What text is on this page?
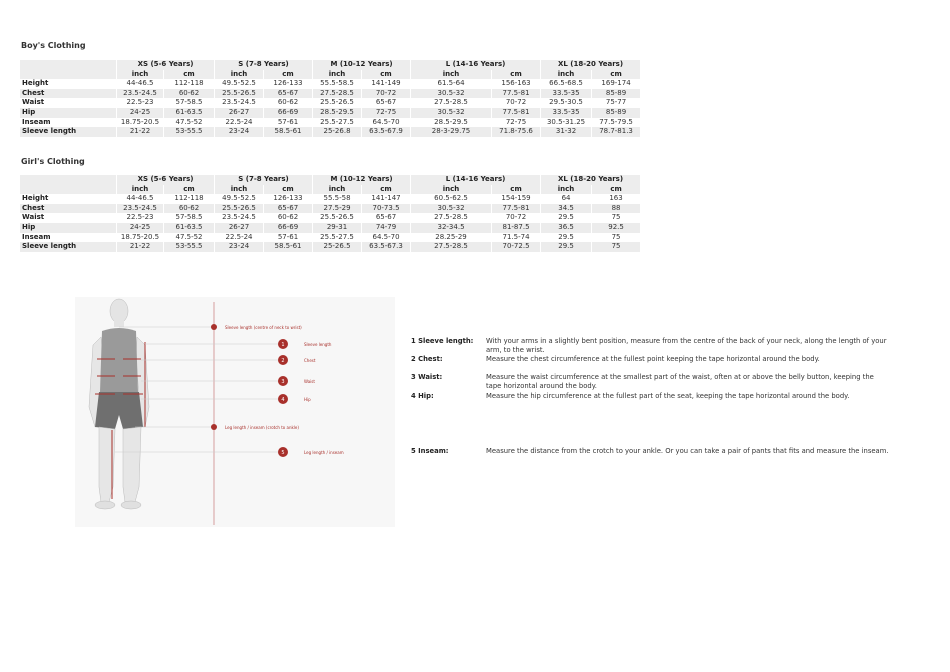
Boy's Clothing
	XS (5-6 Years)		S (7-8 Years)		M (10-12 Years)		L (14-16 Years)		XL (18-20 Years)	
	inch	cm	inch	cm	inch	cm	inch	cm	inch	cm
Height	44-46.5	112-118	49.5-52.5	126-133	55.5-58.5	141-149	61.5-64	156-163	66.5-68.5	169-174
Chest	23.5-24.5	60-62	25.5-26.5	65-67	27.5-28.5	70-72	30.5-32	77.5-81	33.5-35	85-89
Waist	22.5-23	57-58.5	23.5-24.5	60-62	25.5-26.5	65-67	27.5-28.5	70-72	29.5-30.5	75-77
Hip	24-25	61-63.5	26-27	66-69	28.5-29.5	72-75	30.5-32	77.5-81	33.5-35	85-89
Inseam	18.75-20.5	47.5-52	22.5-24	57-61	25.5-27.5	64.5-70	28.5-29.5	72-75	30.5-31.25	77.5-79.5
Sleeve length	21-22	53-55.5	23-24	58.5-61	25-26.8	63.5-67.9	28-3-29.75	71.8-75.6	31-32	78.7-81.3
Girl's Clothing
	XS (5-6 Years)		S (7-8 Years)		M (10-12 Years)		L (14-16 Years)		XL (18-20 Years)	
	inch	cm	inch	cm	inch	cm	inch	cm	inch	cm
Height	44-46.5	112-118	49.5-52.5	126-133	55.5-58	141-147	60.5-62.5	154-159	64	163
Chest	23.5-24.5	60-62	25.5-26.5	65-67	27.5-29	70-73.5	30.5-32	77.5-81	34.5	88
Waist	22.5-23	57-58.5	23.5-24.5	60-62	25.5-26.5	65-67	27.5-28.5	70-72	29.5	75
Hip	24-25	61-63.5	26-27	66-69	29-31	74-79	32-34.5	81-87.5	36.5	92.5
Inseam	18.75-20.5	47.5-52	22.5-24	57-61	25.5-27.5	64.5-70	28.25-29	71.5-74	29.5	75
Sleeve length	21-22	53-55.5	23-24	58.5-61	25-26.5	63.5-67.3	27.5-28.5	70-72.5	29.5	75
Sleeve length (centre of neck to wrist)
Leg length / inseam (crotch to ankle)
1	Sleeve length
2	Chest
3	Waist
4	Hip
5	Leg length / inseam
1 Sleeve length:	With your arms in a slightly bent position, measure from the centre of the back of your neck, along the length of your arm, to the wrist.
2 Chest:	Measure the chest circumference at the fullest point keeping the tape horizontal around the body.
3 Waist:	Measure the waist circumference at the smallest part of the waist, often at or above the belly button, keeping the tape horizontal around the body.
4 Hip:	Measure the hip circumference at the fullest part of the seat, keeping the tape horizontal around the body.
5 Inseam:	Measure the distance from the crotch to your ankle. Or you can take a pair of pants that fits and measure the inseam.
